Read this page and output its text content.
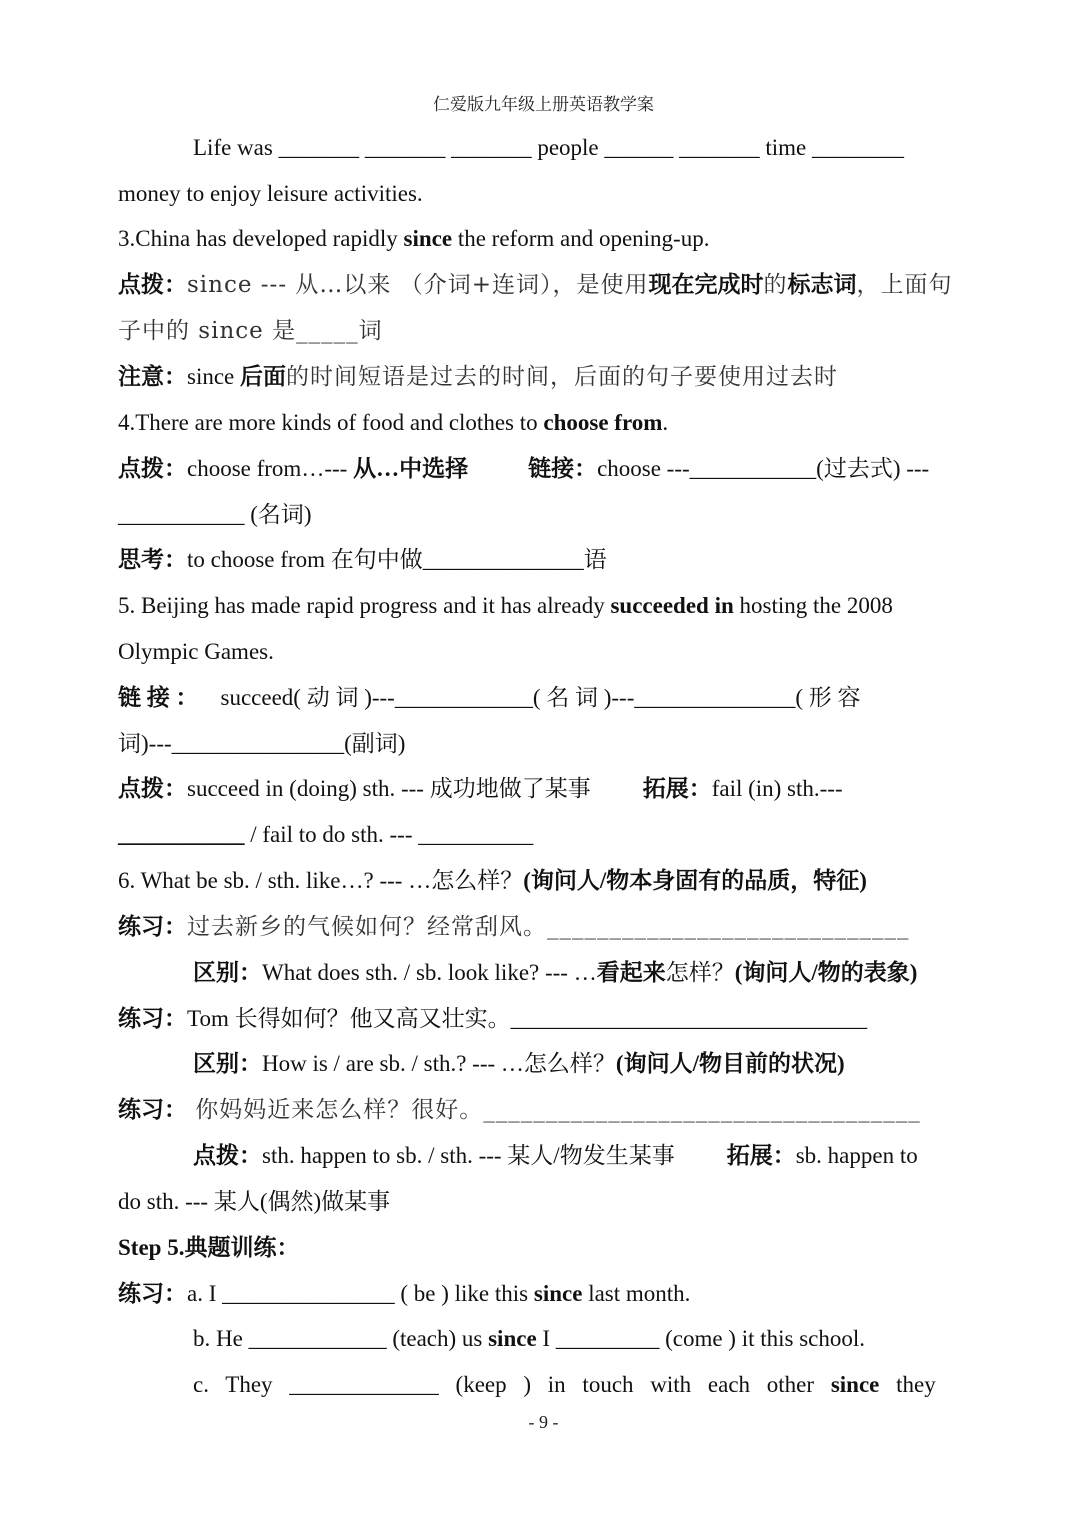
仁爱版九年级上册英语教学案
Life was _______ _______ _______ people ______ _______ time ________
money to enjoy leisure activities.
3.China has developed rapidly since the reform and opening-up.
点拨：since --- 从…以来 （介词+连词），是使用现在完成时的标志词，上面句
子中的 since 是_____词
注意：since 后面的时间短语是过去的时间，后面的句子要使用过去时
4.There are more kinds of food and clothes to choose from.
点拨：choose from…--- 从…中选择	链接：choose ---___________(过去式) ---
___________ (名词)
思考：to choose from 在句中做______________语
5. Beijing has made rapid progress and it has already succeeded in hosting the 2008
Olympic Games.
链 接 ： succeed( 动 词 )---____________( 名 词 )---______________( 形 容
词)---_______________(副词)
点拨：succeed in (doing) sth. --- 成功地做了某事 拓展：fail (in) sth.---
___________ / fail to do sth. --- __________
6. What be sb. / sth. like…? --- …怎么样？(询问人/物本身固有的品质，特征)
练习：过去新乡的气候如何？经常刮风。_____________________________
区别：What does sth. / sb. look like? --- …看起来怎样？(询问人/物的表象)
练习：Tom 长得如何？他又高又壮实。_______________________________
区别：How is / are sb. / sth.? --- …怎么样？(询问人/物目前的状况)
练习： 你妈妈近来怎么样？很好。___________________________________
点拨：sth. happen to sb. / sth. --- 某人/物发生某事 拓展：sb. happen to
do sth. --- 某人(偶然)做某事
Step 5.典题训练：
练习：a. I _______________ ( be ) like this since last month.
b. He ____________ (teach) us since I _________ (come ) it this school.
c. They _____________ (keep ) in touch with each other since they
- 9 -
